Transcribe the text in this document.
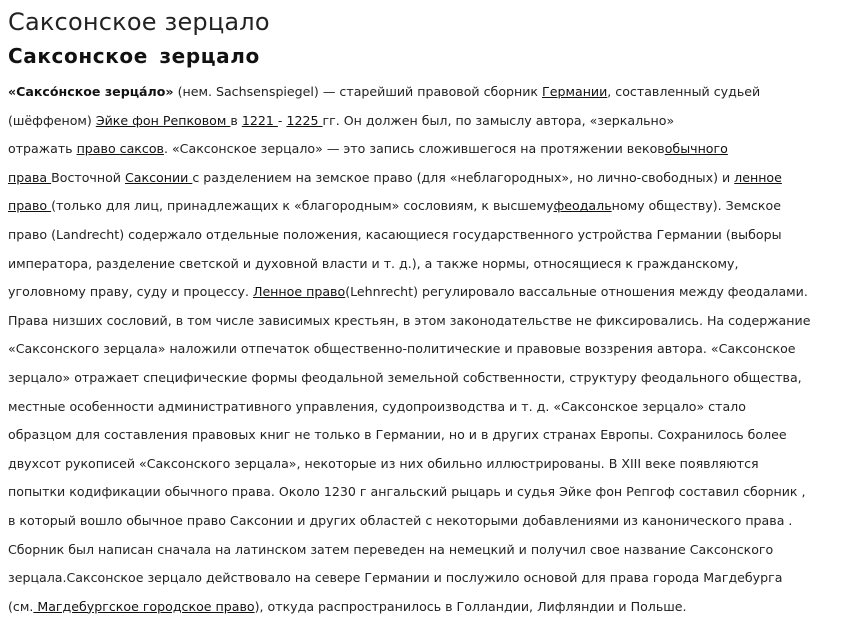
Саксонское зерцало
Саксонское зерцало
«Саксо́нское зерца́ло» (нем. Sachsenspiegel) — старейший правовой сборник Германии, составленный судьей
(шёффеном) Эйке фон Репковом в 1221 - 1225 гг. Он должен был, по замыслу автора, «зеркально»
отражать право саксов. «Саксонское зерцало» — это запись сложившегося на протяжении вековобычного
права Восточной Саксонии с разделением на земское право (для «неблагородных», но лично-свободных) и ленное
право (только для лиц, принадлежащих к «благородным» сословиям, к высшемуфеодальному обществу). Земское
право (Landrecht) содержало отдельные положения, касающиеся государственного устройства Германии (выборы
императора, разделение светской и духовной власти и т. д.), а также нормы, относящиеся к гражданскому,
уголовному праву, суду и процессу. Ленное право(Lehnrecht) регулировало вассальные отношения между феодалами.
Права низших сословий, в том числе зависимых крестьян, в этом законодательстве не фиксировались. На содержание
«Саксонского зерцала» наложили отпечаток общественно-политические и правовые воззрения автора. «Саксонское
зерцало» отражает специфические формы феодальной земельной собственности, структуру феодального общества,
местные особенности административного управления, судопроизводства и т. д. «Саксонское зерцало» стало
образцом для составления правовых книг не только в Германии, но и в других странах Европы. Сохранилось более
двухсот рукописей «Саксонского зерцала», некоторые из них обильно иллюстрированы. В XIII веке появляются
попытки кодификации обычного права. Около 1230 г ангальский рыцарь и судья Эйке фон Репгоф составил сборник ,
в который вошло обычное право Саксонии и других областей с некоторыми добавлениями из канонического права .
Сборник был написан сначала на латинском затем переведен на немецкий и получил свое название Саксонского
зерцала.Саксонское зерцало действовало на севере Германии и послужило основой для права города Магдебурга
(см. Магдебургское городское право), откуда распространилось в Голландии, Лифляндии и Польше.
